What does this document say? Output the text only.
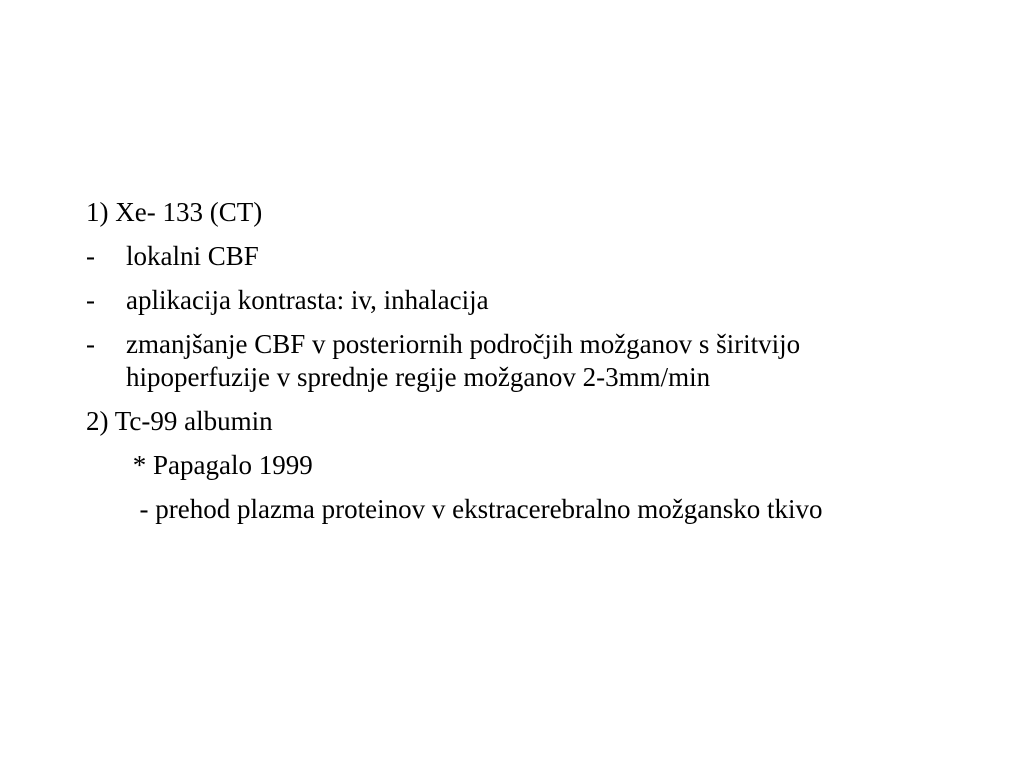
1) Xe- 133 (CT)

-	lokalni CBF
-	aplikacija kontrasta: iv, inhalacija
-	zmanjšanje CBF v posteriornih področjih možganov s širitvijo hipoperfuzije v sprednje regije možganov 2-3mm/min

2) Tc-99 albumin

* Papagalo 1999

- prehod plazma proteinov v ekstracerebralno možgansko tkivo
